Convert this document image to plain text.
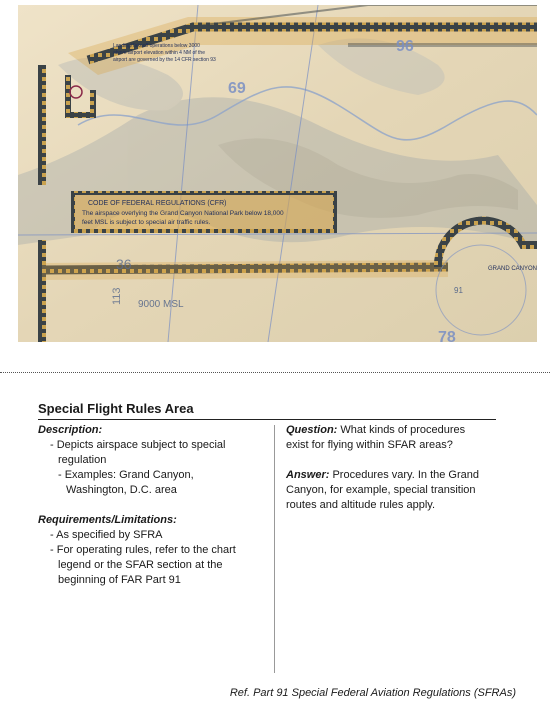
CODE OF FEDERAL REGULATIONS (CFR)
The airspace overlying the Grand Canyon National Park below 18,000
feet MSL is subject to special air traffic rules.
Landing/Takeoff operations below 3000
above airport elevation within 4 NM of the
airport are governed by the 14 CFR section 93
96
69
36
78
113	91
9000 MSL
GRAND CANYON
Special Flight Rules Area
Description:
- Depicts airspace subject to special
regulation
- Examples: Grand Canyon,
Washington, D.C. area
Requirements/Limitations:
- As specified by SFRA
- For operating rules, refer to the chart
legend or the SFAR section at the
beginning of FAR Part 91
Question: What kinds of procedures
exist for flying within SFAR areas?
Answer: Procedures vary. In the Grand
Canyon, for example, special transition
routes and altitude rules apply.
Ref. Part 91 Special Federal Aviation Regulations (SFRAs)
